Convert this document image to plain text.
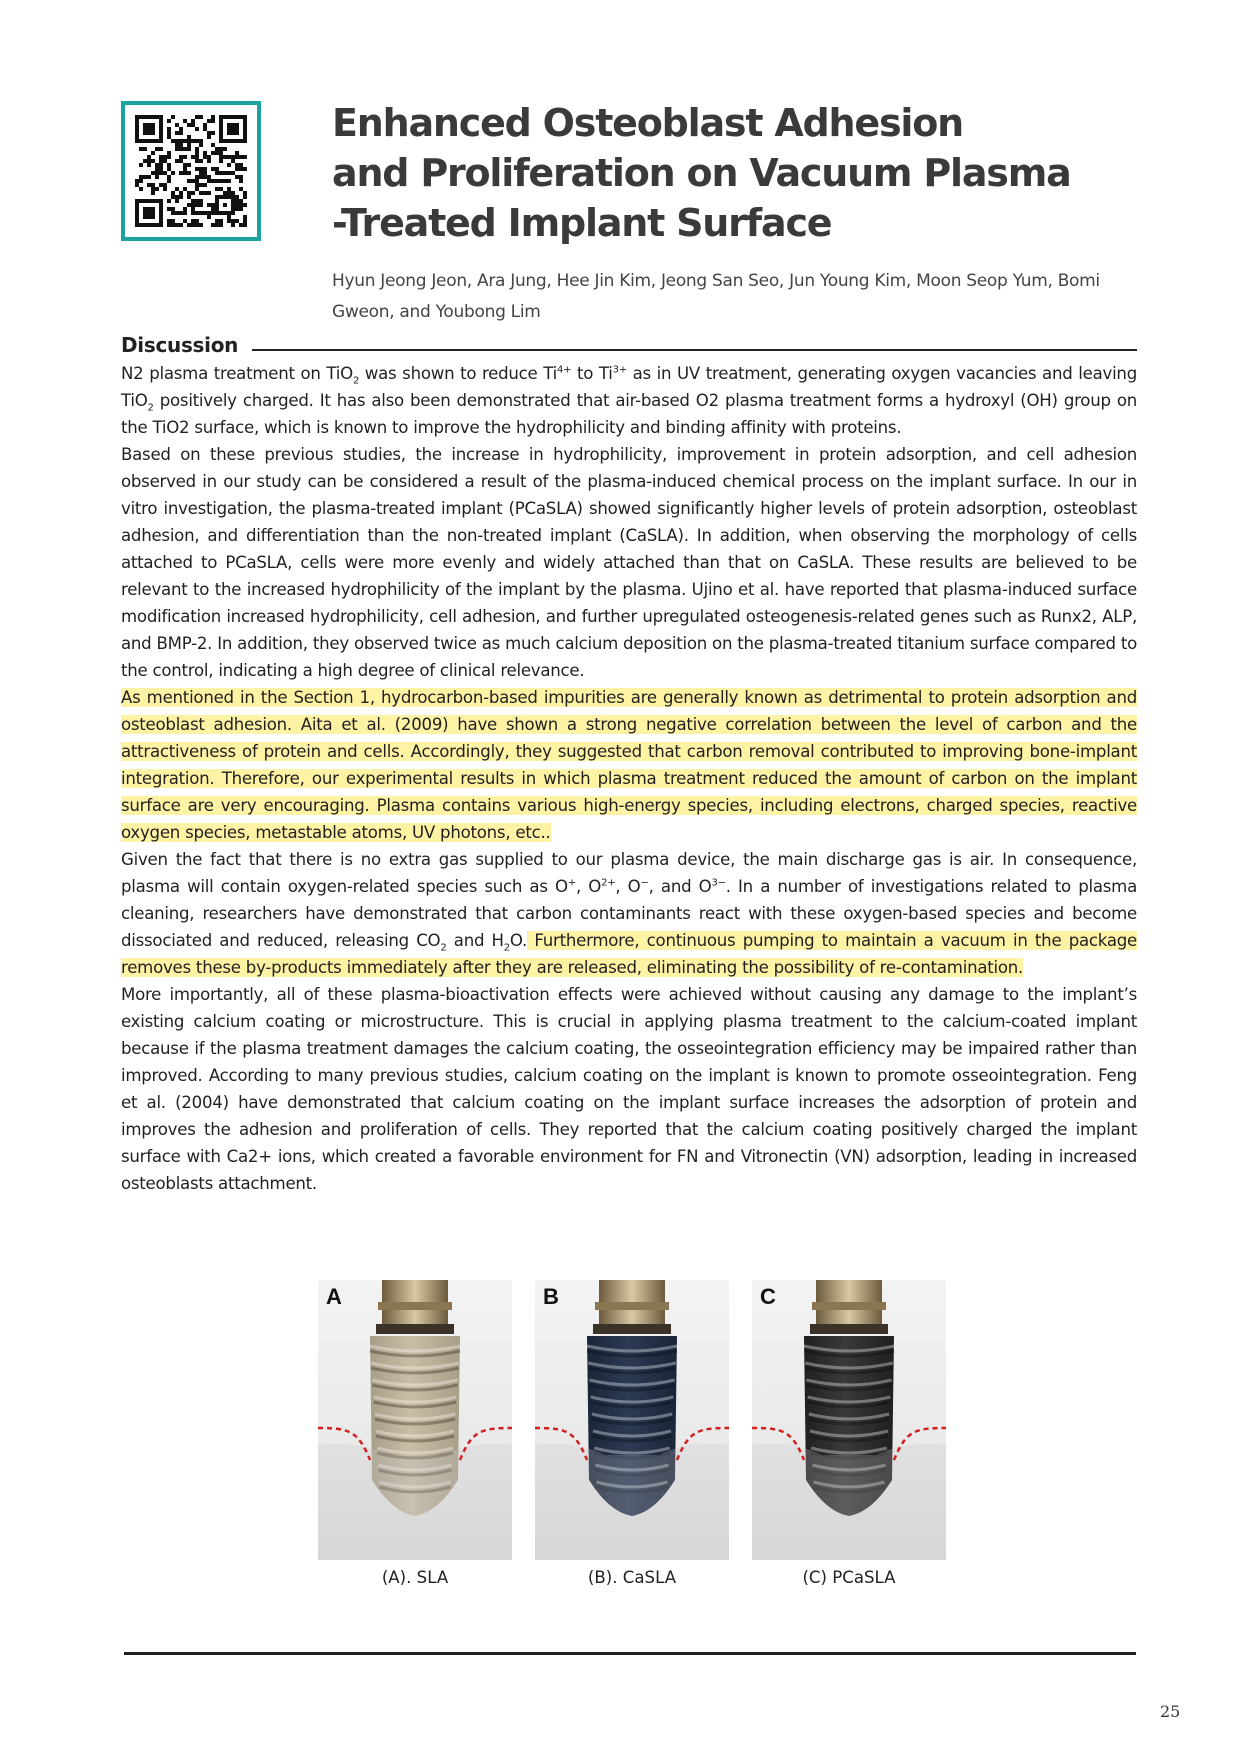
Enhanced Osteoblast Adhesion
and Proliferation on Vacuum Plasma
-Treated Implant Surface
Hyun Jeong Jeon, Ara Jung, Hee Jin Kim, Jeong San Seo, Jun Young Kim, Moon Seop Yum, Bomi Gweon, and Youbong Lim
Discussion

N2 plasma treatment on TiO$_2$ was shown to reduce $Ti^{4+}$ to $Ti^{3+}$ as in UV treatment, generating oxygen vacancies and leaving TiO$_2$ positively charged. It has also been demonstrated that air-based O2 plasma treatment forms a hydroxyl (OH) group on the TiO2 surface, which is known to improve the hydrophilicity and binding affinity with proteins.

Based on these previous studies, the increase in hydrophilicity, improvement in protein adsorption, and cell adhesion observed in our study can be considered a result of the plasma-induced chemical process on the implant surface. In our in vitro investigation, the plasma-treated implant (PCaSLA) showed significantly higher levels of protein adsorption, osteoblast adhesion, and differentiation than the non-treated implant (CaSLA). In addition, when observing the morphology of cells attached to PCaSLA, cells were more evenly and widely attached than that on CaSLA. These results are believed to be relevant to the increased hydrophilicity of the implant by the plasma. Ujino et al. have reported that plasma-induced surface modification increased hydrophilicity, cell adhesion, and further upregulated osteogenesis-related genes such as Runx2, ALP, and BMP-2. In addition, they observed twice as much calcium deposition on the plasma-treated titanium surface compared to the control, indicating a high degree of clinical relevance.

As mentioned in the Section 1, hydrocarbon-based impurities are generally known as detrimental to protein adsorption and osteoblast adhesion. Aita et al. (2009) have shown a strong negative correlation between the level of carbon and the attractiveness of protein and cells. Accordingly, they suggested that carbon removal contributed to improving bone-implant integration. Therefore, our experimental results in which plasma treatment reduced the amount of carbon on the implant surface are very encouraging. Plasma contains various high-energy species, including electrons, charged species, reactive oxygen species, metastable atoms, UV photons, etc..

Given the fact that there is no extra gas supplied to our plasma device, the main discharge gas is air. In consequence, plasma will contain oxygen-related species such as O+, $O^{2+}$, O−, and $O^{3-}$. In a number of investigations related to plasma cleaning, researchers have demonstrated that carbon contaminants react with these oxygen-based species and become dissociated and reduced, releasing $CO_2$ and $H_2O$. Furthermore, continuous pumping to maintain a vacuum in the package removes these by-products immediately after they are released, eliminating the possibility of re-contamination.

More importantly, all of these plasma-bioactivation effects were achieved without causing any damage to the implant’s existing calcium coating or microstructure. This is crucial in applying plasma treatment to the calcium-coated implant because if the plasma treatment damages the calcium coating, the osseointegration efficiency may be impaired rather than improved. According to many previous studies, calcium coating on the implant is known to promote osseointegration. Feng et al. (2004) have demonstrated that calcium coating on the implant surface increases the adsorption of protein and improves the adhesion and proliferation of cells. They reported that the calcium coating positively charged the implant surface with Ca2+ ions, which created a favorable environment for FN and Vitronectin (VN) adsorption, leading in increased osteoblasts attachment.

A	B	C
(A). SLA	(B). CaSLA	(C) PCaSLA
25
